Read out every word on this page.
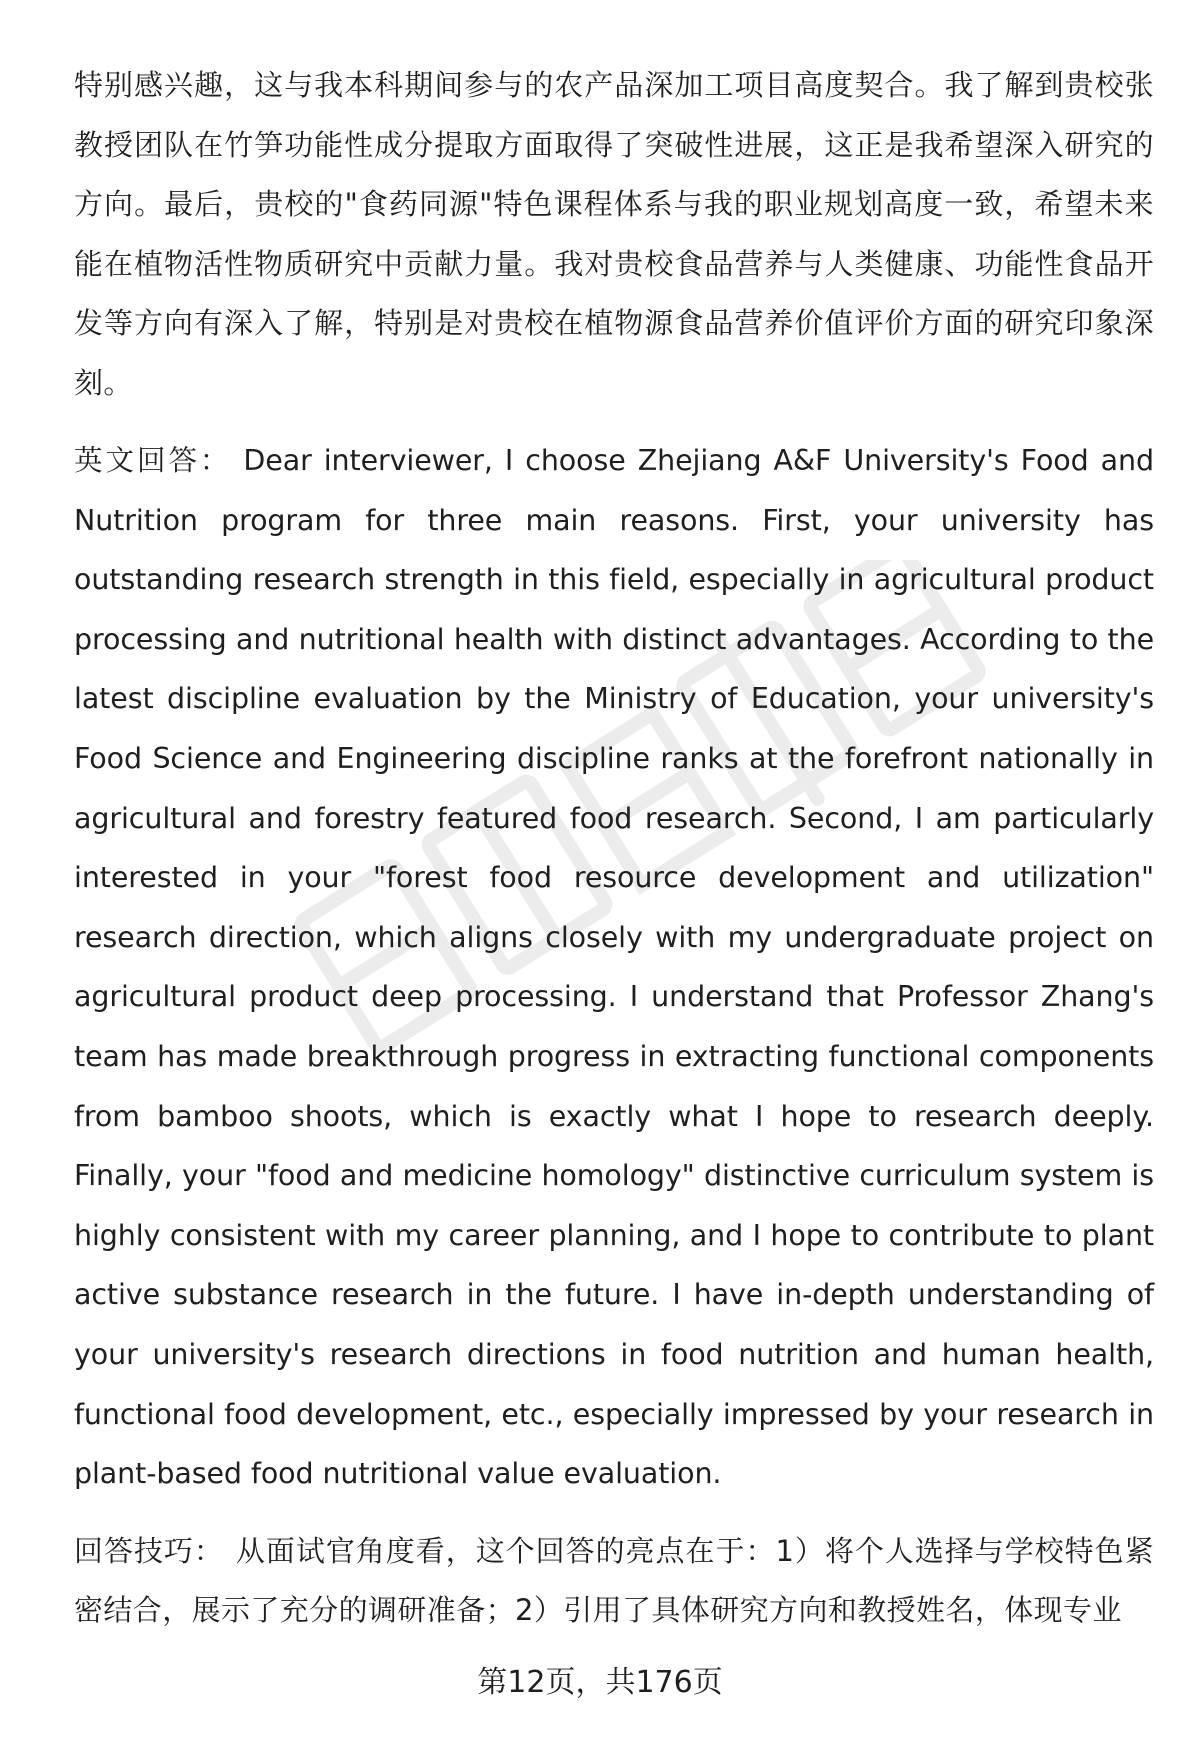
特别感兴趣，这与我本科期间参与的农产品深加工项目高度契合。我了解到贵校张教授团队在竹笋功能性成分提取方面取得了突破性进展，这正是我希望深入研究的方向。最后，贵校的"食药同源"特色课程体系与我的职业规划高度一致，希望未来能在植物活性物质研究中贡献力量。我对贵校食品营养与人类健康、功能性食品开发等方向有深入了解，特别是对贵校在植物源食品营养价值评价方面的研究印象深刻。

英文回答： Dear interviewer, I choose Zhejiang A&F University's Food and Nutrition program for three main reasons. First, your university has outstanding research strength in this field, especially in agricultural product processing and nutritional health with distinct advantages. According to the latest discipline evaluation by the Ministry of Education, your university's Food Science and Engineering discipline ranks at the forefront nationally in agricultural and forestry featured food research. Second, I am particularly interested in your "forest food resource development and utilization" research direction, which aligns closely with my undergraduate project on agricultural product deep processing. I understand that Professor Zhang's team has made breakthrough progress in extracting functional components from bamboo shoots, which is exactly what I hope to research deeply. Finally, your "food and medicine homology" distinctive curriculum system is highly consistent with my career planning, and I hope to contribute to plant active substance research in the future. I have in-depth understanding of your university's research directions in food nutrition and human health, functional food development, etc., especially impressed by your research in plant-based food nutritional value evaluation.

回答技巧： 从面试官角度看，这个回答的亮点在于：1）将个人选择与学校特色紧密结合，展示了充分的调研准备；2）引用了具体研究方向和教授姓名，体现专业

第12页，共176页
